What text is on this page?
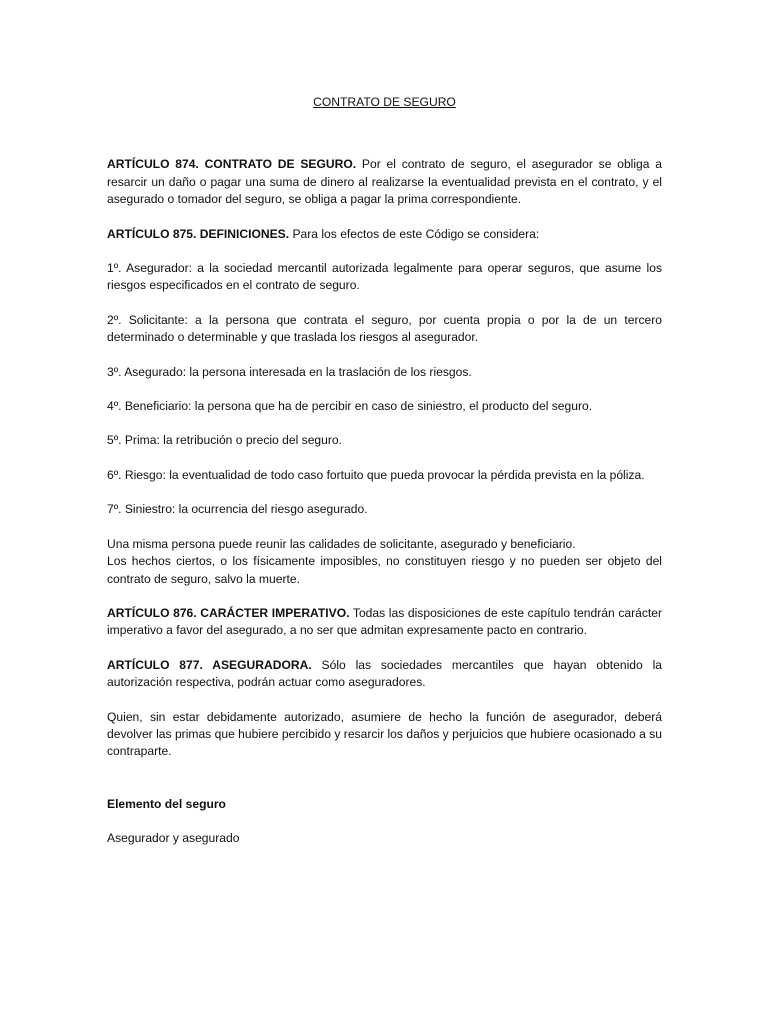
CONTRATO DE SEGURO

ARTÍCULO 874. CONTRATO DE SEGURO. Por el contrato de seguro, el asegurador se obliga a resarcir un daño o pagar una suma de dinero al realizarse la eventualidad prevista en el contrato, y el asegurado o tomador del seguro, se obliga a pagar la prima correspondiente.

ARTÍCULO 875. DEFINICIONES. Para los efectos de este Código se considera:

1º. Asegurador: a la sociedad mercantil autorizada legalmente para operar seguros, que asume los riesgos especificados en el contrato de seguro.

2º. Solicitante: a la persona que contrata el seguro, por cuenta propia o por la de un tercero determinado o determinable y que traslada los riesgos al asegurador.

3º. Asegurado: la persona interesada en la traslación de los riesgos.

4º. Beneficiario: la persona que ha de percibir en caso de siniestro, el producto del seguro.

5º. Prima: la retribución o precio del seguro.

6º. Riesgo: la eventualidad de todo caso fortuito que pueda provocar la pérdida prevista en la póliza.

7º. Siniestro: la ocurrencia del riesgo asegurado.

Una misma persona puede reunir las calidades de solicitante, asegurado y beneficiario.

Los hechos ciertos, o los físicamente imposibles, no constituyen riesgo y no pueden ser objeto del contrato de seguro, salvo la muerte.

ARTÍCULO 876. CARÁCTER IMPERATIVO. Todas las disposiciones de este capítulo tendrán carácter imperativo a favor del asegurado, a no ser que admitan expresamente pacto en contrario.

ARTÍCULO 877. ASEGURADORA. Sólo las sociedades mercantiles que hayan obtenido la autorización respectiva, podrán actuar como aseguradores.

Quien, sin estar debidamente autorizado, asumiere de hecho la función de asegurador, deberá devolver las primas que hubiere percibido y resarcir los daños y perjuicios que hubiere ocasionado a su contraparte.

Elemento del seguro

Asegurador y asegurado
